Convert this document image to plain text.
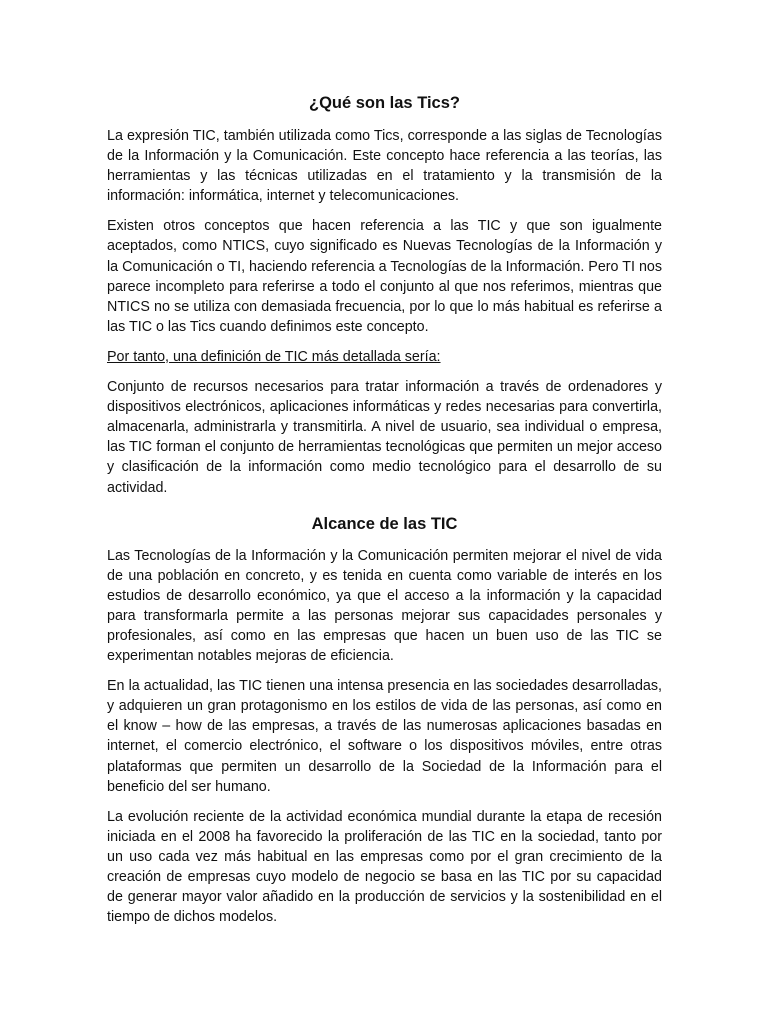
¿Qué son las Tics?

La expresión TIC, también utilizada como Tics, corresponde a las siglas de Tecnologías de la Información y la Comunicación. Este concepto hace referencia a las teorías, las herramientas y las técnicas utilizadas en el tratamiento y la transmisión de la información: informática, internet y telecomunicaciones.

Existen otros conceptos que hacen referencia a las TIC y que son igualmente aceptados, como NTICS, cuyo significado es Nuevas Tecnologías de la Información y la Comunicación o TI, haciendo referencia a Tecnologías de la Información. Pero TI nos parece incompleto para referirse a todo el conjunto al que nos referimos, mientras que NTICS no se utiliza con demasiada frecuencia, por lo que lo más habitual es referirse a las TIC o las Tics cuando definimos este concepto.

Por tanto, una definición de TIC más detallada sería:

Conjunto de recursos necesarios para tratar información a través de ordenadores y dispositivos electrónicos, aplicaciones informáticas y redes necesarias para convertirla, almacenarla, administrarla y transmitirla. A nivel de usuario, sea individual o empresa, las TIC forman el conjunto de herramientas tecnológicas que permiten un mejor acceso y clasificación de la información como medio tecnológico para el desarrollo de su actividad.

Alcance de las TIC

Las Tecnologías de la Información y la Comunicación permiten mejorar el nivel de vida de una población en concreto, y es tenida en cuenta como variable de interés en los estudios de desarrollo económico, ya que el acceso a la información y la capacidad para transformarla permite a las personas mejorar sus capacidades personales y profesionales, así como en las empresas que hacen un buen uso de las TIC se experimentan notables mejoras de eficiencia.

En la actualidad, las TIC tienen una intensa presencia en las sociedades desarrolladas, y adquieren un gran protagonismo en los estilos de vida de las personas, así como en el know – how de las empresas, a través de las numerosas aplicaciones basadas en internet, el comercio electrónico, el software o los dispositivos móviles, entre otras plataformas que permiten un desarrollo de la Sociedad de la Información para el beneficio del ser humano.

La evolución reciente de la actividad económica mundial durante la etapa de recesión iniciada en el 2008 ha favorecido la proliferación de las TIC en la sociedad, tanto por un uso cada vez más habitual en las empresas como por el gran crecimiento de la creación de empresas cuyo modelo de negocio se basa en las TIC por su capacidad de generar mayor valor añadido en la producción de servicios y la sostenibilidad en el tiempo de dichos modelos.
